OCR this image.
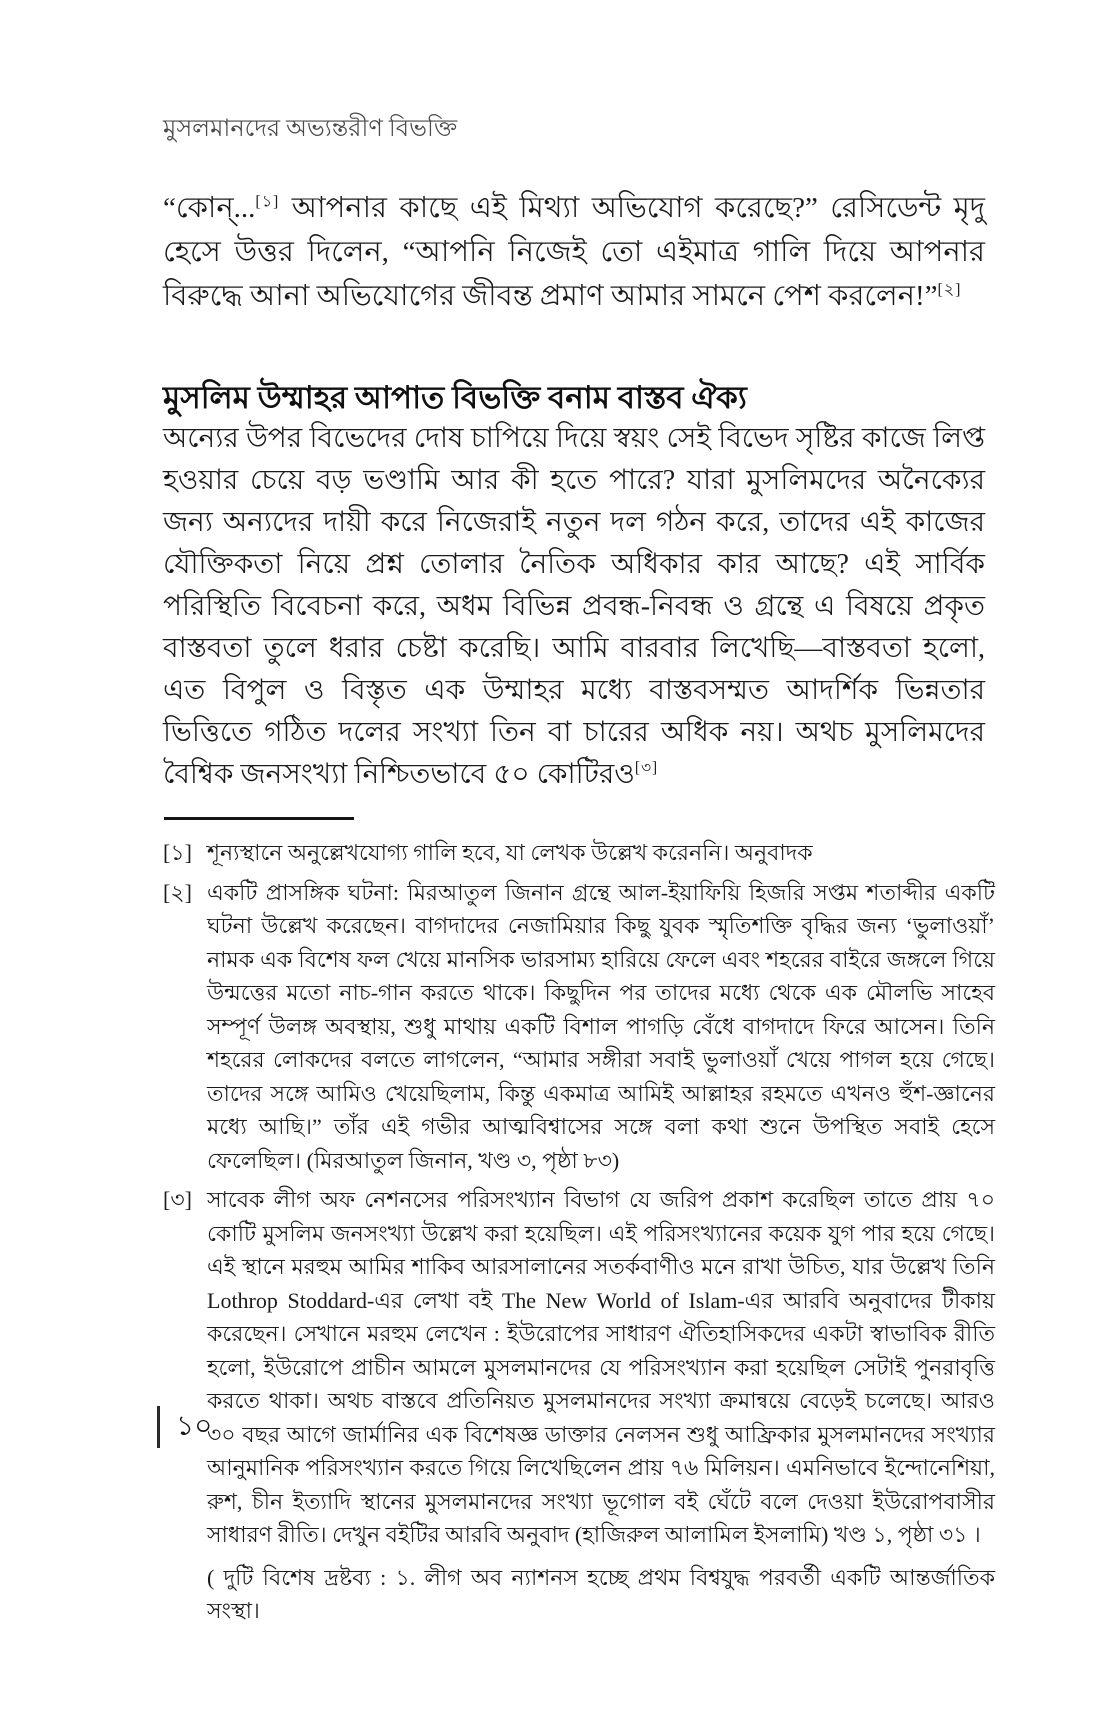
মুসলমানদের অভ্যন্তরীণ বিভক্তি
“কোন্...[১] আপনার কাছে এই মিথ্যা অভিযোগ করেছে?” রেসিডেন্ট মৃদু হেসে উত্তর দিলেন, “আপনি নিজেই তো এইমাত্র গালি দিয়ে আপনার বিরুদ্ধে আনা অভিযোগের জীবন্ত প্রমাণ আমার সামনে পেশ করলেন!”[২]
মুসলিম উম্মাহর আপাত বিভক্তি বনাম বাস্তব ঐক্য
অন্যের উপর বিভেদের দোষ চাপিয়ে দিয়ে স্বয়ং সেই বিভেদ সৃষ্টির কাজে লিপ্ত হওয়ার চেয়ে বড় ভণ্ডামি আর কী হতে পারে? যারা মুসলিমদের অনৈক্যের জন্য অন্যদের দায়ী করে নিজেরাই নতুন দল গঠন করে, তাদের এই কাজের যৌক্তিকতা নিয়ে প্রশ্ন তোলার নৈতিক অধিকার কার আছে? এই সার্বিক পরিস্থিতি বিবেচনা করে, অধম বিভিন্ন প্রবন্ধ-নিবন্ধ ও গ্রন্থে এ বিষয়ে প্রকৃত বাস্তবতা তুলে ধরার চেষ্টা করেছি। আমি বারবার লিখেছি—বাস্তবতা হলো, এত বিপুল ও বিস্তৃত এক উম্মাহর মধ্যে বাস্তবসম্মত আদর্শিক ভিন্নতার ভিত্তিতে গঠিত দলের সংখ্যা তিন বা চারের অধিক নয়। অথচ মুসলিমদের বৈশ্বিক জনসংখ্যা নিশ্চিতভাবে ৫০ কোটিরও[৩]
[১] শূন্যস্থানে অনুল্লেখযোগ্য গালি হবে, যা লেখক উল্লেখ করেননি। অনুবাদক
[২] একটি প্রাসঙ্গিক ঘটনা: মিরআতুল জিনান গ্রন্থে আল-ইয়াফিয়ি হিজরি সপ্তম শতাব্দীর একটি ঘটনা উল্লেখ করেছেন। বাগদাদের নেজামিয়ার কিছু যুবক স্মৃতিশক্তি বৃদ্ধির জন্য ‘ভুলাওয়াঁ’ নামক এক বিশেষ ফল খেয়ে মানসিক ভারসাম্য হারিয়ে ফেলে এবং শহরের বাইরে জঙ্গলে গিয়ে উন্মত্তের মতো নাচ-গান করতে থাকে। কিছুদিন পর তাদের মধ্যে থেকে এক মৌলভি সাহেব সম্পূর্ণ উলঙ্গ অবস্থায়, শুধু মাথায় একটি বিশাল পাগড়ি বেঁধে বাগদাদে ফিরে আসেন। তিনি শহরের লোকদের বলতে লাগলেন, “আমার সঙ্গীরা সবাই ভুলাওয়াঁ খেয়ে পাগল হয়ে গেছে। তাদের সঙ্গে আমিও খেয়েছিলাম, কিন্তু একমাত্র আমিই আল্লাহর রহমতে এখনও হুঁশ-জ্ঞানের মধ্যে আছি।” তাঁর এই গভীর আত্মবিশ্বাসের সঙ্গে বলা কথা শুনে উপস্থিত সবাই হেসে ফেলেছিল। (মিরআতুল জিনান, খণ্ড ৩, পৃষ্ঠা ৮৩)
[৩] সাবেক লীগ অফ নেশনসের পরিসংখ্যান বিভাগ যে জরিপ প্রকাশ করেছিল তাতে প্রায় ৭০ কোটি মুসলিম জনসংখ্যা উল্লেখ করা হয়েছিল। এই পরিসংখ্যানের কয়েক যুগ পার হয়ে গেছে। এই স্থানে মরহুম আমির শাকিব আরসালানের সতর্কবাণীও মনে রাখা উচিত, যার উল্লেখ তিনি Lothrop Stoddard-এর লেখা বই The New World of Islam-এর আরবি অনুবাদের টীকায় করেছেন। সেখানে মরহুম লেখেন : ইউরোপের সাধারণ ঐতিহাসিকদের একটা স্বাভাবিক রীতি হলো, ইউরোপে প্রাচীন আমলে মুসলমানদের যে পরিসংখ্যান করা হয়েছিল সেটাই পুনরাবৃত্তি করতে থাকা। অথচ বাস্তবে প্রতিনিয়ত মুসলমানদের সংখ্যা ক্রমান্বয়ে বেড়েই চলেছে। আরও ৩০ বছর আগে জার্মানির এক বিশেষজ্ঞ ডাক্তার নেলসন শুধু আফ্রিকার মুসলমানদের সংখ্যার আনুমানিক পরিসংখ্যান করতে গিয়ে লিখেছিলেন প্রায় ৭৬ মিলিয়ন। এমনিভাবে ইন্দোনেশিয়া, রুশ, চীন ইত্যাদি স্থানের মুসলমানদের সংখ্যা ভূগোল বই ঘেঁটে বলে দেওয়া ইউরোপবাসীর সাধারণ রীতি। দেখুন বইটির আরবি অনুবাদ (হাজিরুল আলামিল ইসলামি) খণ্ড ১, পৃষ্ঠা ৩১ ।
( দুটি বিশেষ দ্রষ্টব্য : ১. লীগ অব ন্যাশনস হচ্ছে প্রথম বিশ্বযুদ্ধ পরবর্তী একটি আন্তর্জাতিক সংস্থা।
১০
